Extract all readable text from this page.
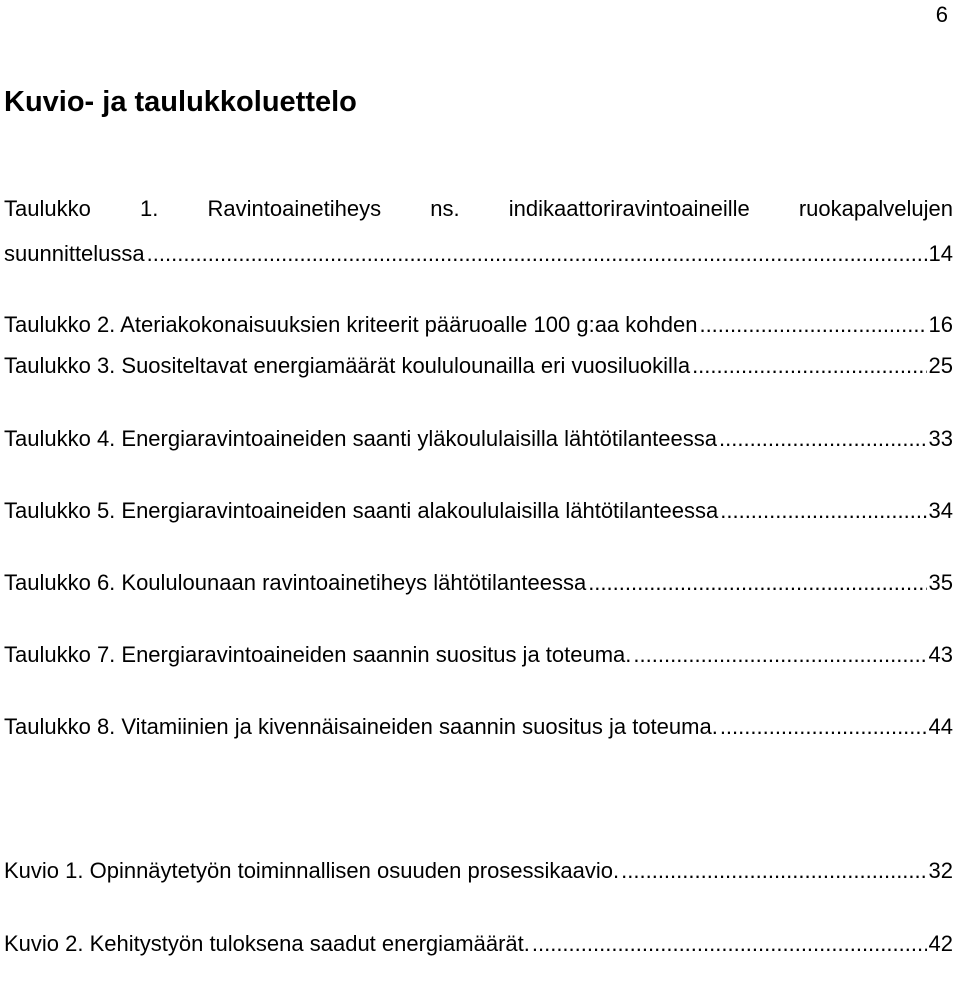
6
Kuvio- ja taulukkoluettelo
Taulukko 1. Ravintoainetiheys ns. indikaattoriravintoaineille ruokapalvelujen
suunnittelussa .....	14
Taulukko 2. Ateriakokonaisuuksien kriteerit pääruoalle 100 g:aa kohden .....	16
Taulukko 3. Suositeltavat energiamäärät koululounailla eri vuosiluokilla .....	25
Taulukko 4. Energiaravintoaineiden saanti yläkoululaisilla lähtötilanteessa .....	33
Taulukko 5. Energiaravintoaineiden saanti alakoululaisilla lähtötilanteessa .....	34
Taulukko 6. Koululounaan ravintoainetiheys lähtötilanteessa .....	35
Taulukko 7. Energiaravintoaineiden saannin suositus ja toteuma. .....	43
Taulukko 8. Vitamiinien ja kivennäisaineiden saannin suositus ja toteuma. .....	44
Kuvio 1. Opinnäytetyön toiminnallisen osuuden prosessikaavio. .....	32
Kuvio 2. Kehitystyön tuloksena saadut energiamäärät. .....	42
